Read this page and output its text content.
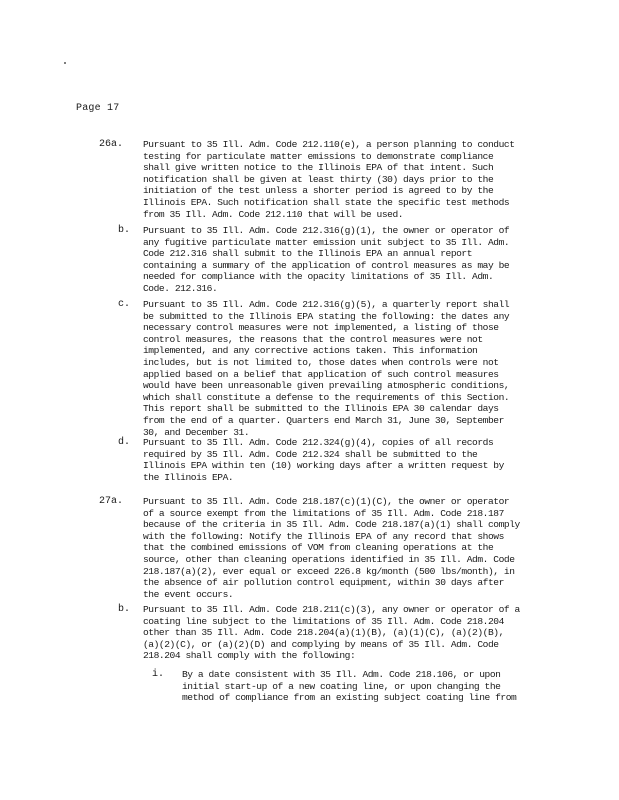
Page 17
26a. Pursuant to 35 Ill. Adm. Code 212.110(e), a person planning to conduct testing for particulate matter emissions to demonstrate compliance shall give written notice to the Illinois EPA of that intent. Such notification shall be given at least thirty (30) days prior to the initiation of the test unless a shorter period is agreed to by the Illinois EPA. Such notification shall state the specific test methods from 35 Ill. Adm. Code 212.110 that will be used.
b. Pursuant to 35 Ill. Adm. Code 212.316(g)(1), the owner or operator of any fugitive particulate matter emission unit subject to 35 Ill. Adm. Code 212.316 shall submit to the Illinois EPA an annual report containing a summary of the application of control measures as may be needed for compliance with the opacity limitations of 35 Ill. Adm. Code. 212.316.
c. Pursuant to 35 Ill. Adm. Code 212.316(g)(5), a quarterly report shall be submitted to the Illinois EPA stating the following: the dates any necessary control measures were not implemented, a listing of those control measures, the reasons that the control measures were not implemented, and any corrective actions taken. This information includes, but is not limited to, those dates when controls were not applied based on a belief that application of such control measures would have been unreasonable given prevailing atmospheric conditions, which shall constitute a defense to the requirements of this Section. This report shall be submitted to the Illinois EPA 30 calendar days from the end of a quarter. Quarters end March 31, June 30, September 30, and December 31.
d. Pursuant to 35 Ill. Adm. Code 212.324(g)(4), copies of all records required by 35 Ill. Adm. Code 212.324 shall be submitted to the Illinois EPA within ten (10) working days after a written request by the Illinois EPA.
27a. Pursuant to 35 Ill. Adm. Code 218.187(c)(1)(C), the owner or operator of a source exempt from the limitations of 35 Ill. Adm. Code 218.187 because of the criteria in 35 Ill. Adm. Code 218.187(a)(1) shall comply with the following: Notify the Illinois EPA of any record that shows that the combined emissions of VOM from cleaning operations at the source, other than cleaning operations identified in 35 Ill. Adm. Code 218.187(a)(2), ever equal or exceed 226.8 kg/month (500 lbs/month), in the absence of air pollution control equipment, within 30 days after the event occurs.
b. Pursuant to 35 Ill. Adm. Code 218.211(c)(3), any owner or operator of a coating line subject to the limitations of 35 Ill. Adm. Code 218.204 other than 35 Ill. Adm. Code 218.204(a)(1)(B), (a)(1)(C), (a)(2)(B), (a)(2)(C), or (a)(2)(D) and complying by means of 35 Ill. Adm. Code 218.204 shall comply with the following:
i. By a date consistent with 35 Ill. Adm. Code 218.106, or upon initial start-up of a new coating line, or upon changing the method of compliance from an existing subject coating line from
